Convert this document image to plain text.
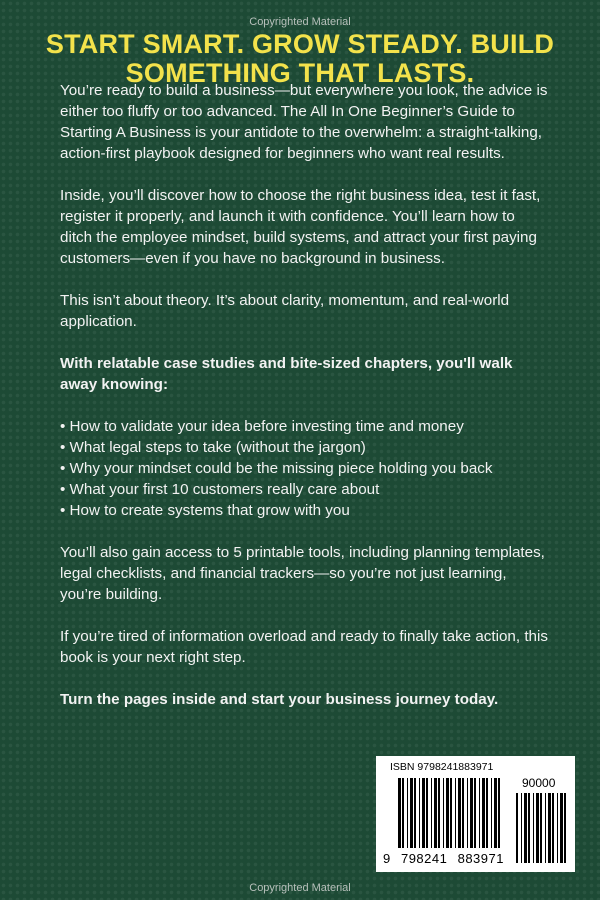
Copyrighted Material
START SMART. GROW STEADY. BUILD SOMETHING THAT LASTS.

You’re ready to build a business—but everywhere you look, the advice is either too fluffy or too advanced. The All In One Beginner’s Guide to Starting A Business is your antidote to the overwhelm: a straight-talking, action-first playbook designed for beginners who want real results.

Inside, you’ll discover how to choose the right business idea, test it fast, register it properly, and launch it with confidence. You’ll learn how to ditch the employee mindset, build systems, and attract your first paying customers—even if you have no background in business.

This isn’t about theory. It’s about clarity, momentum, and real-world application.

With relatable case studies and bite-sized chapters, you'll walk away knowing:

• How to validate your idea before investing time and money
• What legal steps to take (without the jargon)
• Why your mindset could be the missing piece holding you back
• What your first 10 customers really care about
• How to create systems that grow with you

You’ll also gain access to 5 printable tools, including planning templates, legal checklists, and financial trackers—so you’re not just learning, you’re building.

If you’re tired of information overload and ready to finally take action, this book is your next right step.

Turn the pages inside and start your business journey today.

ISBN 9798241883971
90000
9 798241 883971
Copyrighted Material
